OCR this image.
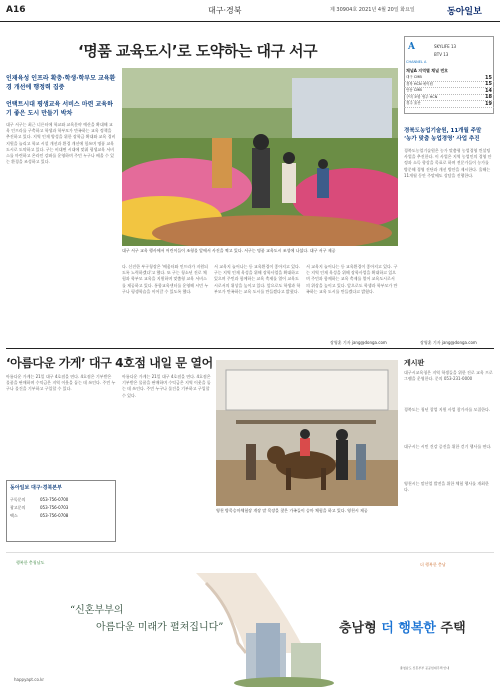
A16	대구·경북	제 30904호 2021년 4월 20일 화요일	동아일보
‘명품 교육도시’로 도약하는 대구 서구
인재육성 인프라 확충·학생·학부모 교육환경 개선에 행정력 집중
언택트시대 평생교육 서비스 마련 교육하기 좋은 도시 만들기 박차
대구 서구 교육 행사에서 어린이들이 조형물 앞에서 사진을 찍고 있다. 서구는 명품 교육도시 조성에 나섰다. 대구 서구 제공
대구 서구는 최근 너른터에 학교와 교육분야 예산을 확대해 교육 인프라를 구축하고 학생과 학부모가 만족하는 교육 정책을 추진하고 있다. 지역 인재 양성을 위한 장학금 확대와 교육 경비 지원을 늘리고 학교 시설 개선과 환경 개선에 힘쓰며 명품 교육도시로 도약하고 있다. 구는 비대면 시대에 맞춰 평생교육 서비스를 마련하고 온라인 강좌를 운영하며 주민 누구나 배울 수 있는 환경을 조성하고 있다.
다. 신진한 부구청장은 '배움터와 인프라가 지원되도록 노력하겠다'고 했다. 또 구는 청소년 진로 체험과 학부모 교육을 지원하며 맞춤형 교육 서비스를 제공하고 있다. 통합교육센터를 운영해 시민 누구나 평생학습을 이어갈 수 있도록 했다.
서 교육지 늘어나는 등 교육환경이 좋아지고 있다. 구는 지역 인재 육성을 위해 장학사업을 확대하고 있으며 주민과 함께하는 교육 축제를 열어 교육도시로서의 위상을 높이고 있다. 앞으로도 학생과 학부모가 만족하는 교육 도시를 만들겠다고 밝혔다.
서 교육지 늘어나는 등 교육환경이 좋아지고 있다. 구는 지역 인재 육성을 위해 장학사업을 확대하고 있으며 주민과 함께하는 교육 축제를 열어 교육도시로서의 위상을 높이고 있다. 앞으로도 학생과 학부모가 만족하는 교육 도시를 만들겠다고 밝혔다.
장영훈 기자 jang@donga.com
A
CHANNEL A
SKYLIFE 13
BTV 13
채널A 지역별 채널 번호
대구 CMB	15
경북 HCN 에이원	15
안동 CMB	14
구미 포항 영주 HCN	18
경주 울산	19
경북도농업기술원, 11개월 주말
‘농가 맞춤 농업경영’ 사업 추진
경북도농업기술원은 농가 맞춤형 농업경영 컨설팅 사업을 추진한다. 이 사업은 지역 농업인의 경영 안정과 소득 향상을 목표로 하며 전문가들이 농가를 방문해 경영 진단과 개선 방안을 제시한다. 올해는 11개월 동안 주말에도 상담을 진행한다.
장영훈 기자 jang@donga.com
‘아름다운 가게’ 대구 4호점 내일 문 열어
아름다운 가게는 21일 대구 4호점을 연다. 4호점은 기부받은 물품을 판매하며 수익금은 지역 이웃을 돕는 데 쓰인다. 주민 누구나 물건을 기부하고 구입할 수 있다.
아름다운 가게는 21일 대구 4호점을 연다. 4호점은 기부받은 물품을 판매하며 수익금은 지역 이웃을 돕는 데 쓰인다. 주민 누구나 물건을 기부하고 구입할 수 있다.
영천 방목승마체험장 개장 말 목장을 찾은 가족들이 승마 체험을 하고 있다. 영천시 제공
게시판
대구시교육청은 지역 학생들을 위한 진로 교육 프로그램을 운영한다. 문의 053-231-0000
경북도는 청년 창업 지원 사업 참가자를 모집한다.
대구시는 시민 건강 증진을 위한 걷기 행사를 연다.
영천시는 말산업 발전을 위한 체험 행사를 개최한다.
동아일보 대구·경북본부
구독문의	053-756-0700
광고문의	053-756-0703
팩스	053-756-0708
행복한 충청남도	더 행복한 충남
“신혼부부의
아름다운 미래가 펼쳐집니다”	충남형 더 행복한 주택
happyapt.co.kr
충청남도 신혼부부 공공임대주택 안내
